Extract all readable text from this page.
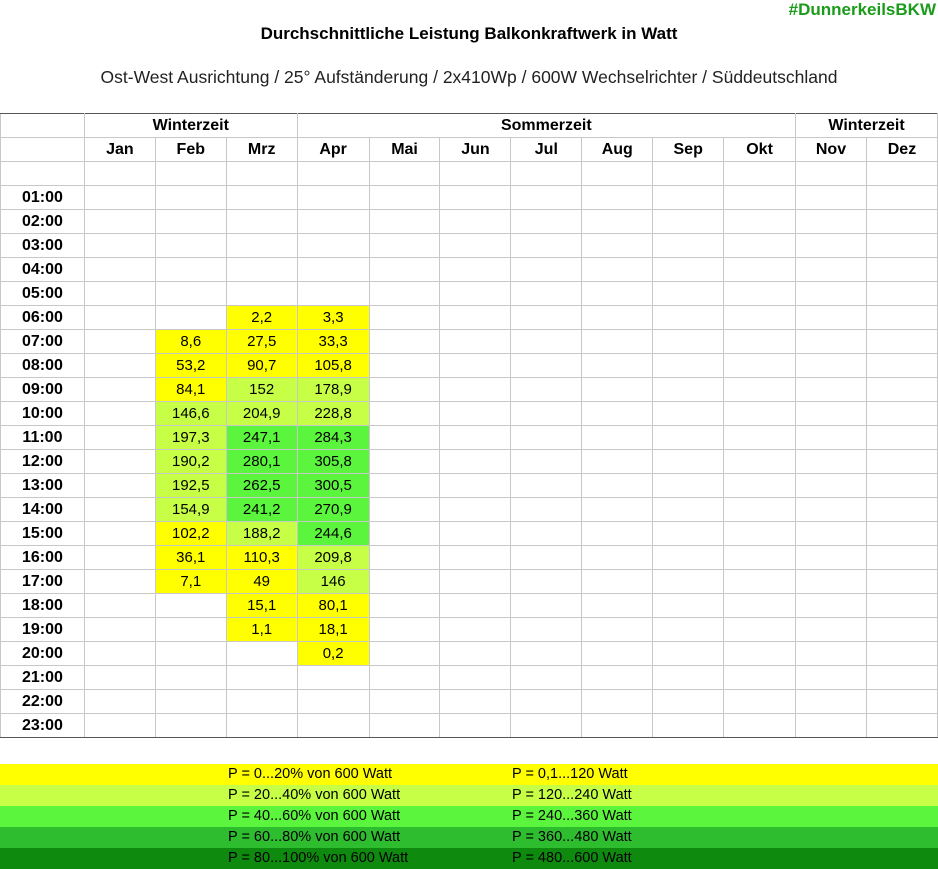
#DunnerkeilsBKW
Durchschnittliche Leistung Balkonkraftwerk in Watt
Ost-West Ausrichtung / 25° Aufständerung / 2x410Wp / 600W Wechselrichter / Süddeutschland
	Winterzeit			Sommerzeit							Winterzeit	
	Jan	Feb	Mrz	Apr	Mai	Jun	Jul	Aug	Sep	Okt	Nov	Dez

01:00												
02:00												
03:00												
04:00												
05:00												
06:00			2,2	3,3								
07:00		8,6	27,5	33,3								
08:00		53,2	90,7	105,8								
09:00		84,1	152	178,9								
10:00		146,6	204,9	228,8								
11:00		197,3	247,1	284,3								
12:00		190,2	280,1	305,8								
13:00		192,5	262,5	300,5								
14:00		154,9	241,2	270,9								
15:00		102,2	188,2	244,6								
16:00		36,1	110,3	209,8								
17:00		7,1	49	146								
18:00			15,1	80,1								
19:00			1,1	18,1								
20:00				0,2								
21:00												
22:00												
23:00												
P = 0...20% von 600 Watt	P = 0,1...120 Watt
P = 20...40% von 600 Watt	P = 120...240 Watt
P = 40...60% von 600 Watt	P = 240...360 Watt
P = 60...80% von 600 Watt	P = 360...480 Watt
P = 80...100% von 600 Watt	P = 480...600 Watt
